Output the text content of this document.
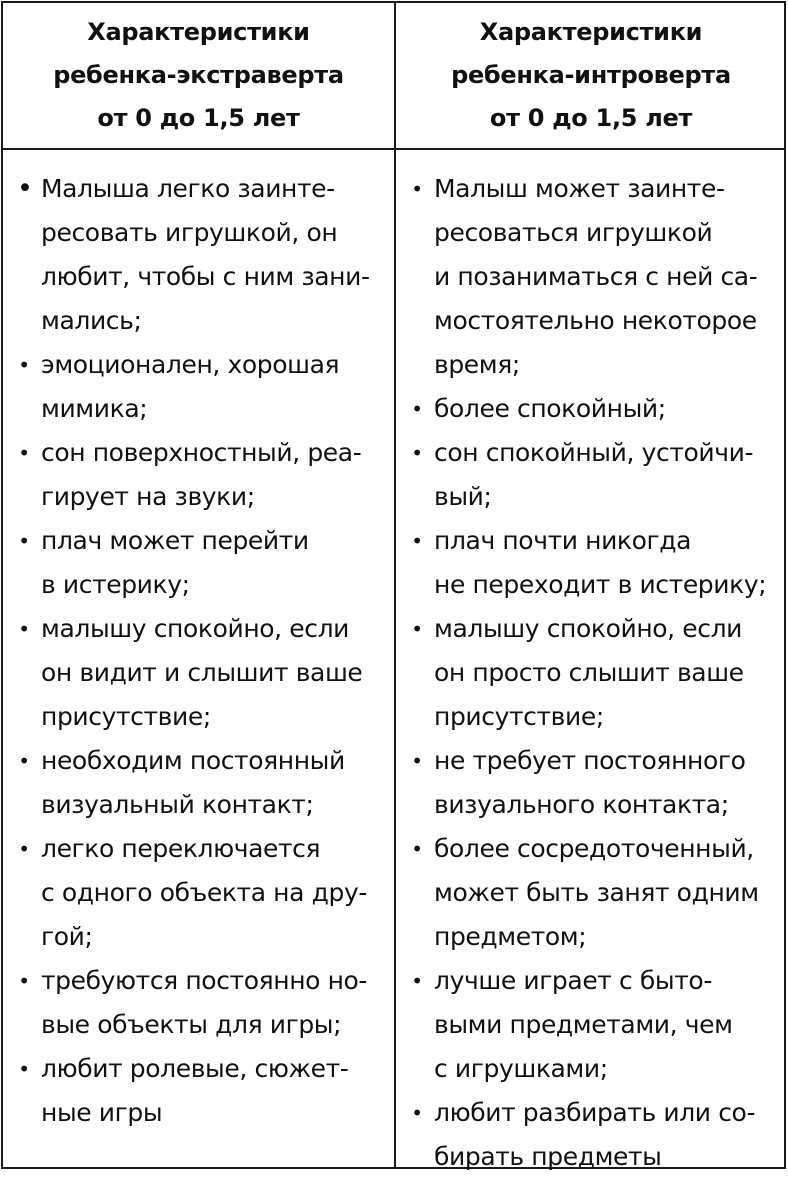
Характеристики
ребенка-экстраверта
от 0 до 1,5 лет
Характеристики
ребенка-интроверта
от 0 до 1,5 лет
• Малыша легко заинте-
ресовать игрушкой, он
любит, чтобы с ним зани-
мались;
• эмоционален, хорошая
мимика;
• сон поверхностный, реа-
гирует на звуки;
• плач может перейти
в истерику;
• малышу спокойно, если
он видит и слышит ваше
присутствие;
• необходим постоянный
визуальный контакт;
• легко переключается
с одного объекта на дру-
гой;
• требуются постоянно но-
вые объекты для игры;
• любит ролевые, сюжет-
ные игры
• Малыш может заинте-
ресоваться игрушкой
и позаниматься с ней са-
мостоятельно некоторое
время;
• более спокойный;
• сон спокойный, устойчи-
вый;
• плач почти никогда
не переходит в истерику;
• малышу спокойно, если
он просто слышит ваше
присутствие;
• не требует постоянного
визуального контакта;
• более сосредоточенный,
может быть занят одним
предметом;
• лучше играет с быто-
выми предметами, чем
с игрушками;
• любит разбирать или со-
бирать предметы
